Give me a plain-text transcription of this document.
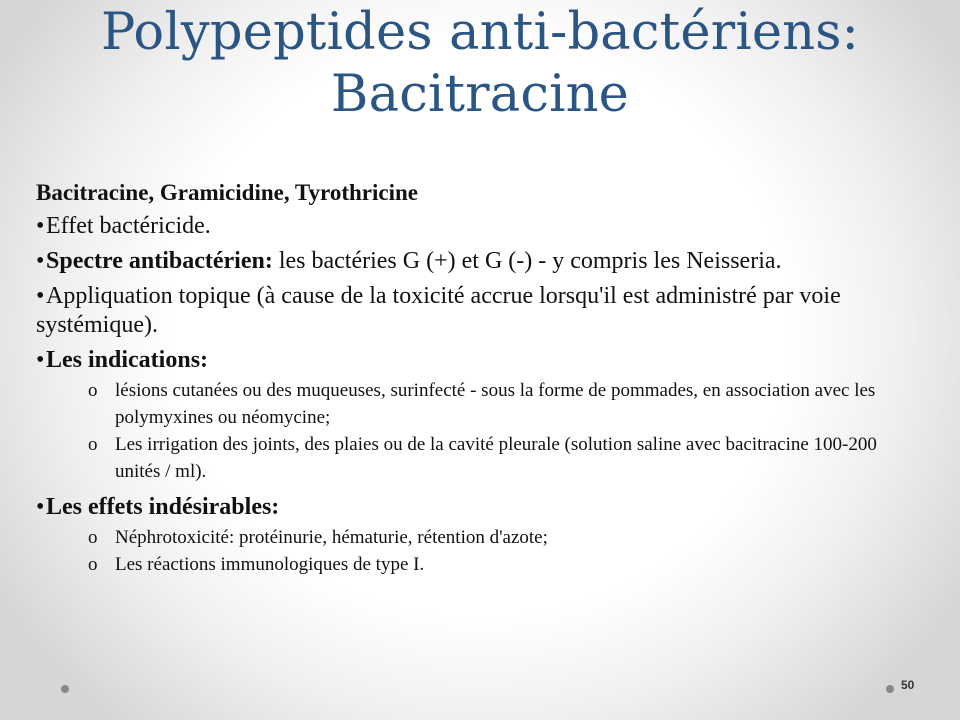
Polypeptides anti-bactériens:
Bacitracine
Bacitracine, Gramicidine, Tyrothricine
•Effet bactéricide.
•Spectre antibactérien: les bactéries G (+) et G (-) - y compris les Neisseria.
•Appliquation topique (à cause de la toxicité accrue lorsqu'il est administré par voie systémique).
•Les indications:
o lésions cutanées ou des muqueuses, surinfecté - sous la forme de pommades, en association avec les polymyxines ou néomycine;
o Les irrigation des joints, des plaies ou de la cavité pleurale (solution saline avec bacitracine 100-200 unités / ml).
•Les effets indésirables:
o Néphrotoxicité: protéinurie, hématurie, rétention d'azote;
o Les réactions immunologiques de type I.
50
